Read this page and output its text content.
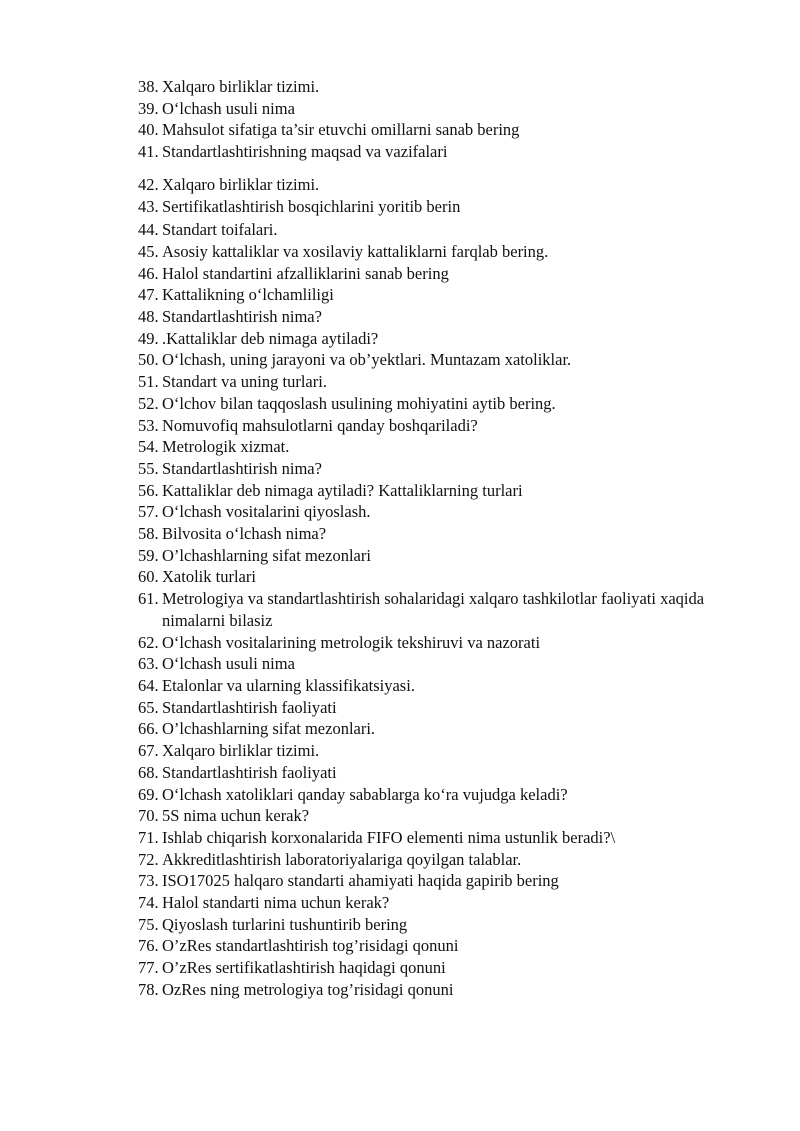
38. Xalqaro birliklar tizimi.
39. O‘lchash usuli nima
40. Mahsulot sifatiga ta’sir etuvchi omillarni sanab bering
41. Standartlashtirishning maqsad va vazifalari
42. Xalqaro birliklar tizimi.
43. Sertifikatlashtirish bosqichlarini yoritib berin
44. Standart toifalari.
45. Asosiy kattaliklar va xosilaviy kattaliklarni farqlab bering.
46. Halol standartini afzalliklarini sanab bering
47. Kattalikning o‘lchamliligi
48. Standartlashtirish nima?
49. .Kattaliklar deb nimaga aytiladi?
50. O‘lchash, uning jarayoni va ob’yektlari. Muntazam xatoliklar.
51. Standart va uning turlari.
52. O‘lchov bilan taqqoslash usulining mohiyatini aytib bering.
53. Nomuvofiq mahsulotlarni qanday boshqariladi?
54. Metrologik xizmat.
55. Standartlashtirish nima?
56. Kattaliklar deb nimaga aytiladi? Kattaliklarning turlari
57. O‘lchash vositalarini qiyoslash.
58. Bilvosita o‘lchash nima?
59. O’lchashlarning sifat mezonlari
60. Xatolik turlari
61. Metrologiya va standartlashtirish sohalaridagi xalqaro tashkilotlar faoliyati xaqida nimalarni bilasiz
62. O‘lchash vositalarining metrologik tekshiruvi va nazorati
63. O‘lchash usuli nima
64. Etalonlar va ularning klassifikatsiyasi.
65. Standartlashtirish faoliyati
66. O’lchashlarning sifat mezonlari.
67. Xalqaro birliklar tizimi.
68. Standartlashtirish faoliyati
69. O‘lchash xatoliklari qanday sabablarga ko‘ra vujudga keladi?
70. 5S nima uchun kerak?
71. Ishlab chiqarish korxonalarida FIFO elementi nima ustunlik beradi?\
72. Akkreditlashtirish laboratoriyalariga qoyilgan talablar.
73. ISO17025 halqaro standarti ahamiyati haqida gapirib bering
74. Halol standarti nima uchun kerak?
75. Qiyoslash turlarini tushuntirib bering
76. O’zRes standartlashtirish tog’risidagi qonuni
77. O’zRes sertifikatlashtirish haqidagi qonuni
78. OzRes ning metrologiya tog’risidagi qonuni
